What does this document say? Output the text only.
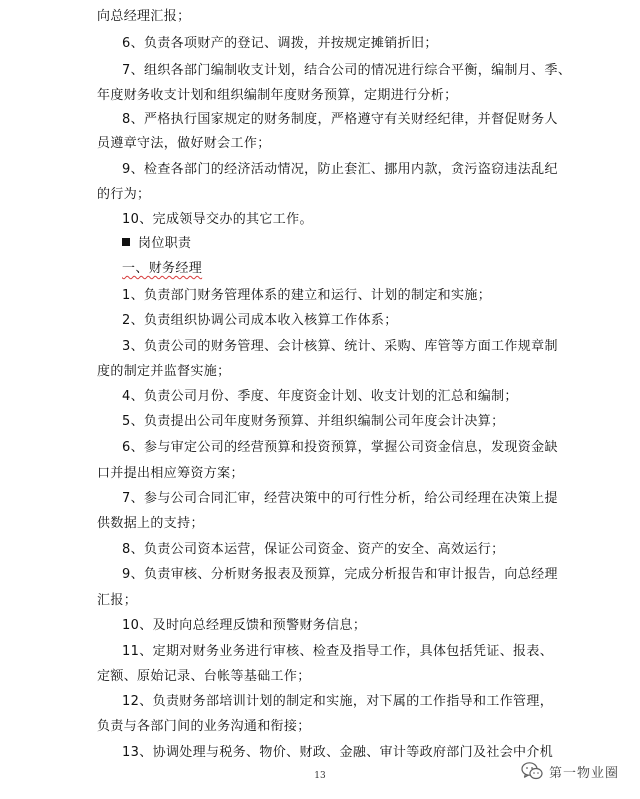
向总经理汇报；
6、负责各项财产的登记、调拨，并按规定摊销折旧；
7、组织各部门编制收支计划，结合公司的情况进行综合平衡，编制月、季、
年度财务收支计划和组织编制年度财务预算，定期进行分析；
8、严格执行国家规定的财务制度，严格遵守有关财经纪律，并督促财务人
员遵章守法，做好财会工作；
9、检查各部门的经济活动情况，防止套汇、挪用内款，贪污盗窃违法乱纪
的行为；
10、完成领导交办的其它工作。
岗位职责
一、财务经理
1、负责部门财务管理体系的建立和运行、计划的制定和实施；
2、负责组织协调公司成本收入核算工作体系；
3、负责公司的财务管理、会计核算、统计、采购、库管等方面工作规章制
度的制定并监督实施；
4、负责公司月份、季度、年度资金计划、收支计划的汇总和编制；
5、负责提出公司年度财务预算、并组织编制公司年度会计决算；
6、参与审定公司的经营预算和投资预算，掌握公司资金信息，发现资金缺
口并提出相应筹资方案；
7、参与公司合同汇审，经营决策中的可行性分析，给公司经理在决策上提
供数据上的支持；
8、负责公司资本运营，保证公司资金、资产的安全、高效运行；
9、负责审核、分析财务报表及预算，完成分析报告和审计报告，向总经理
汇报；
10、及时向总经理反馈和预警财务信息；
11、定期对财务业务进行审核、检查及指导工作，具体包括凭证、报表、
定额、原始记录、台帐等基础工作；
12、负责财务部培训计划的制定和实施，对下属的工作指导和工作管理，
负责与各部门间的业务沟通和衔接；
13、协调处理与税务、物价、财政、金融、审计等政府部门及社会中介机
13	第一物业圈
